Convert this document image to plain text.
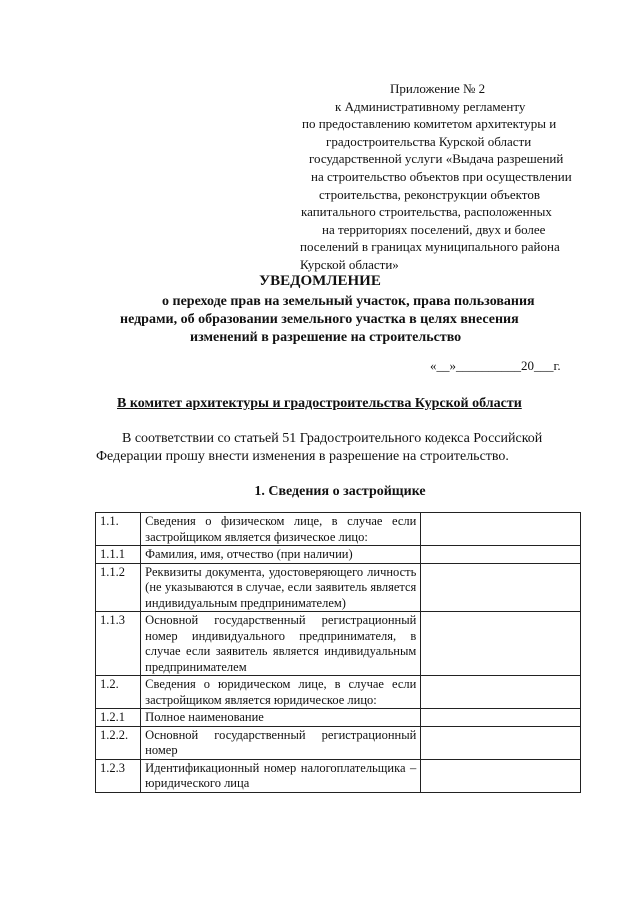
Приложение № 2
к Административному регламенту
по предоставлению комитетом архитектуры и
градостроительства Курской области
государственной услуги «Выдача разрешений
на строительство объектов при осуществлении
строительства, реконструкции объектов
капитального строительства, расположенных
на территориях поселений, двух и более
поселений в границах муниципального района
Курской области»
УВЕДОМЛЕНИЕ
о переходе прав на земельный участок, права пользования
недрами, об образовании земельного участка в целях внесения
изменений в разрешение на строительство
«__»__________20___г.
В комитет архитектуры и градостроительства Курской области
В соответствии со статьей 51 Градостроительного кодекса Российской
Федерации прошу внести изменения в разрешение на строительство.
1. Сведения о застройщике
1.1.	Сведения о физическом лице, в случае если застройщиком является физическое лицо:	
1.1.1	Фамилия, имя, отчество (при наличии)	
1.1.2	Реквизиты документа, удостоверяющего личность (не указываются в случае, если заявитель является индивидуальным предпринимателем)	
1.1.3	Основной государственный регистрационный номер индивидуального предпринимателя, в случае если заявитель является индивидуальным предпринимателем	
1.2.	Сведения о юридическом лице, в случае если застройщиком является юридическое лицо:	
1.2.1	Полное наименование	
1.2.2.	Основной государственный регистрационный номер	
1.2.3	Идентификационный номер налогоплательщика – юридического лица	
